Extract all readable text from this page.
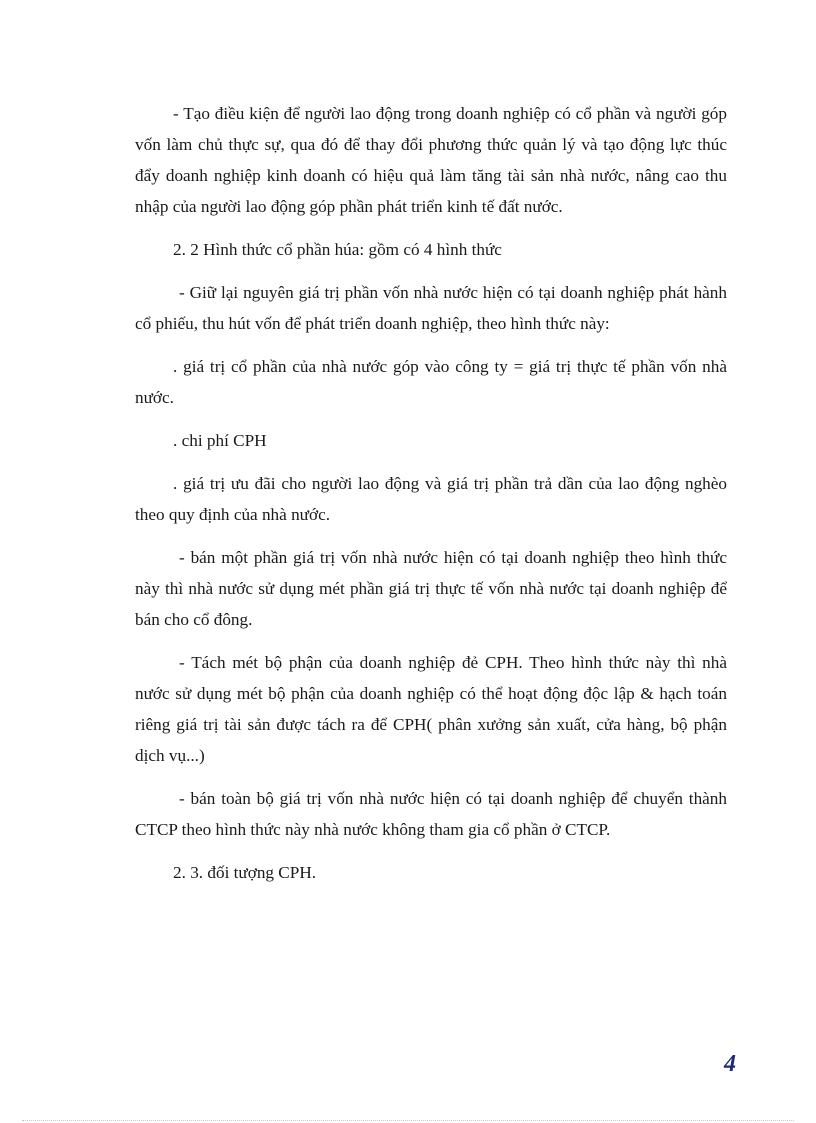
- Tạo điều kiện để người lao động trong doanh nghiệp có cổ phần và người góp vốn làm chủ thực sự, qua đó để thay đổi phương thức quản lý và tạo động lực thúc đẩy doanh nghiệp kinh doanh có hiệu quả làm tăng tài sản nhà nước, nâng cao thu nhập của người lao động góp phần phát triển kinh tế đất nước.

2. 2 Hình thức cổ phần húa: gồm có 4 hình thức

- Giữ lại nguyên giá trị phần vốn nhà nước hiện có tại doanh nghiệp phát hành cổ phiếu, thu hút vốn để phát triển doanh nghiệp, theo hình thức này:

. giá trị cổ phần của nhà nước góp vào công ty = giá trị thực tế phần vốn nhà nước.

. chi phí CPH

. giá trị ưu đãi cho người lao động và giá trị phần trả dần của lao động nghèo theo quy định của nhà nước.

- bán một phần giá trị vốn nhà nước hiện có tại doanh nghiệp theo hình thức này thì nhà nước sử dụng mét phần giá trị thực tế vốn nhà nước tại doanh nghiệp để bán cho cổ đông.

- Tách mét bộ phận của doanh nghiệp đẻ CPH. Theo hình thức này thì nhà nước sử dụng mét bộ phận của doanh nghiệp có thể hoạt động độc lập & hạch toán riêng giá trị tài sản được tách ra để CPH( phân xưởng sản xuất, cửa hàng, bộ phận dịch vụ...)

- bán toàn bộ giá trị vốn nhà nước hiện có tại doanh nghiệp để chuyển thành CTCP theo hình thức này nhà nước không tham gia cổ phần ở CTCP.

2. 3. đối tượng CPH.

4
